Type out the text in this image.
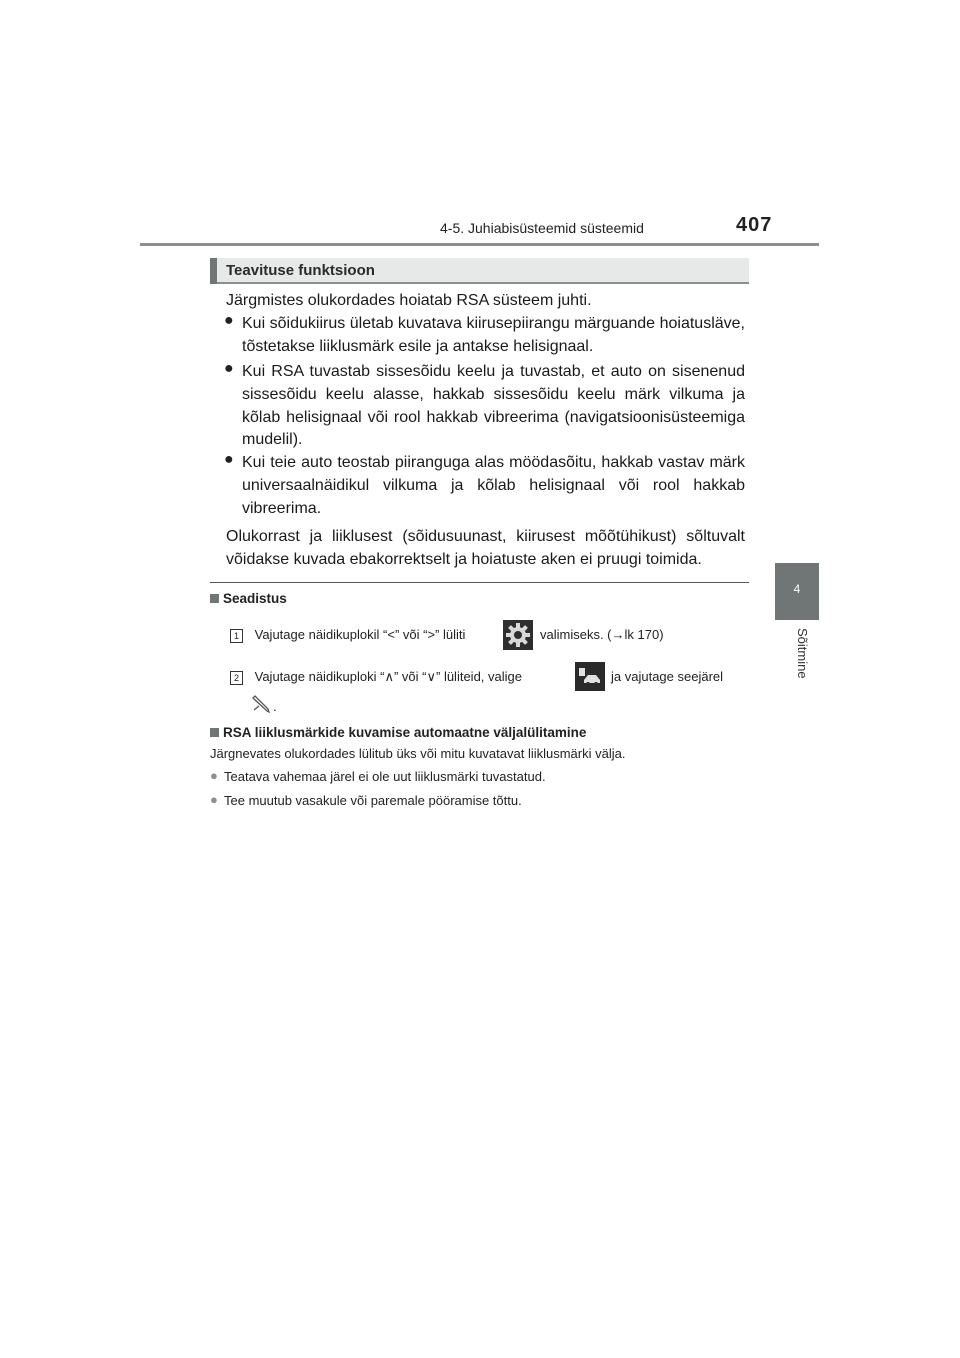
4-5. Juhiabisüsteemid süsteemid	407
4
Sõitmine
Teavituse funktsioon
Järgmistes olukordades hoiatab RSA süsteem juhti.
● Kui sõidukiirus ületab kuvatava kiirusepiirangu märguande hoiatusläve, tõstetakse liiklusmärk esile ja antakse helisignaal.
● Kui RSA tuvastab sissesõidu keelu ja tuvastab, et auto on sisenenud sissesõidu keelu alasse, hakkab sissesõidu keelu märk vilkuma ja kõlab helisignaal või rool hakkab vibreerima (navigatsioonisüsteemiga mudelil).
● Kui teie auto teostab piiranguga alas möödasõitu, hakkab vastav märk universaalnäidikul vilkuma ja kõlab helisignaal või rool hakkab vibreerima.
Olukorrast ja liiklusest (sõidusuunast, kiirusest mõõtühikust) sõltuvalt võidakse kuvada ebakorrektselt ja hoiatuste aken ei pruugi toimida.
Seadistus
1 Vajutage näidikuplokil “<” või “>” lüliti	valimiseks. (→lk 170)
2 Vajutage näidikuploki “∧” või “∨” lüliteid, valige	ja vajutage seejärel
.
RSA liiklusmärkide kuvamise automaatne väljalülitamine
Järgnevates olukordades lülitub üks või mitu kuvatavat liiklusmärki välja.
● Teatava vahemaa järel ei ole uut liiklusmärki tuvastatud.
● Tee muutub vasakule või paremale pööramise tõttu.
